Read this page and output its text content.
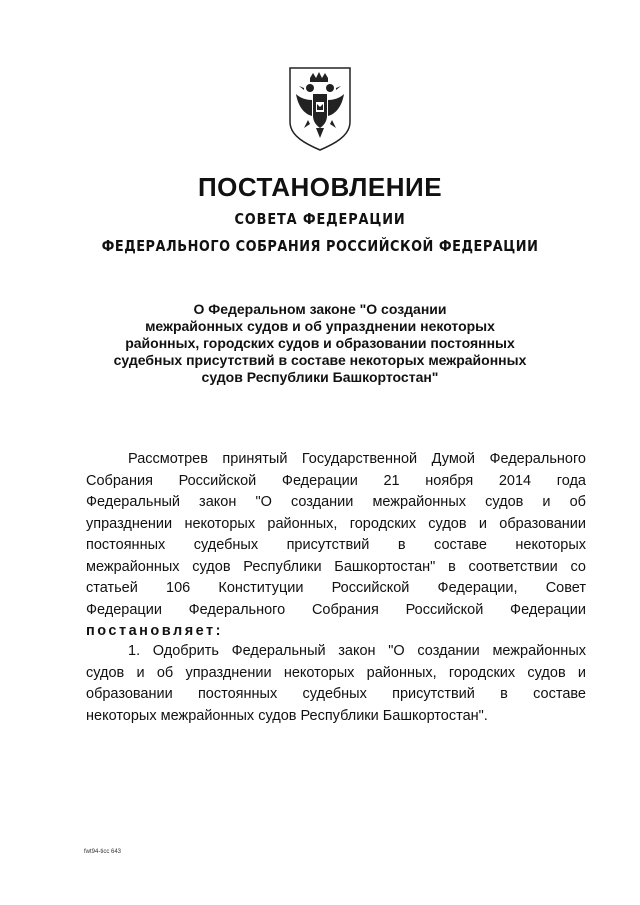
ПОСТАНОВЛЕНИЕ
СОВЕТА ФЕДЕРАЦИИ
ФЕДЕРАЛЬНОГО СОБРАНИЯ РОССИЙСКОЙ ФЕДЕРАЦИИ
О Федеральном законе "О создании
межрайонных судов и об упразднении некоторых
районных, городских судов и образовании постоянных
судебных присутствий в составе некоторых межрайонных
судов Республики Башкортостан"
Рассмотрев принятый Государственной Думой Федерального
Собрания Российской Федерации 21 ноября 2014 года
Федеральный закон "О создании межрайонных судов и об
упразднении некоторых районных, городских судов и образовании
постоянных судебных присутствий в составе некоторых
межрайонных судов Республики Башкортостан" в соответствии со
статьей 106 Конституции Российской Федерации, Совет
Федерации Федерального Собрания Российской Федерации
постановляет:
1. Одобрить Федеральный закон "О создании межрайонных
судов и об упразднении некоторых районных, городских судов и
образовании постоянных судебных присутствий в составе
некоторых межрайонных судов Республики Башкортостан".
fwt94-ticc 643
